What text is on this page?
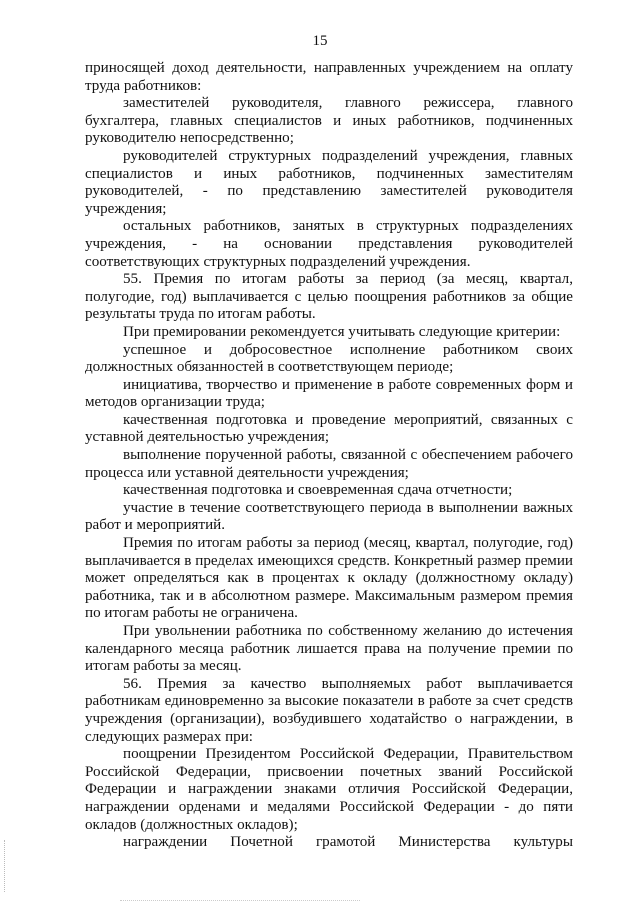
15

приносящей доход деятельности, направленных учреждением на оплату труда работников:

заместителей руководителя, главного режиссера, главного бухгалтера, главных специалистов и иных работников, подчиненных руководителю непосредственно;

руководителей структурных подразделений учреждения, главных специалистов и иных работников, подчиненных заместителям руководителей, - по представлению заместителей руководителя учреждения;

остальных работников, занятых в структурных подразделениях учреждения, - на основании представления руководителей соответствующих структурных подразделений учреждения.

55. Премия по итогам работы за период (за месяц, квартал, полугодие, год) выплачивается с целью поощрения работников за общие результаты труда по итогам работы.

При премировании рекомендуется учитывать следующие критерии:

успешное и добросовестное исполнение работником своих должностных обязанностей в соответствующем периоде;

инициатива, творчество и применение в работе современных форм и методов организации труда;

качественная подготовка и проведение мероприятий, связанных с уставной деятельностью учреждения;

выполнение порученной работы, связанной с обеспечением рабочего процесса или уставной деятельности учреждения;

качественная подготовка и своевременная сдача отчетности;

участие в течение соответствующего периода в выполнении важных работ и мероприятий.

Премия по итогам работы за период (месяц, квартал, полугодие, год) выплачивается в пределах имеющихся средств. Конкретный размер премии может определяться как в процентах к окладу (должностному окладу) работника, так и в абсолютном размере. Максимальным размером премия по итогам работы не ограничена.

При увольнении работника по собственному желанию до истечения календарного месяца работник лишается права на получение премии по итогам работы за месяц.

56. Премия за качество выполняемых работ выплачивается работникам единовременно за высокие показатели в работе за счет средств учреждения (организации), возбудившего ходатайство о награждении, в следующих размерах при:

поощрении Президентом Российской Федерации, Правительством Российской Федерации, присвоении почетных званий Российской Федерации и награждении знаками отличия Российской Федерации, награждении орденами и медалями Российской Федерации - до пяти окладов (должностных окладов);

награждении Почетной грамотой Министерства культуры
